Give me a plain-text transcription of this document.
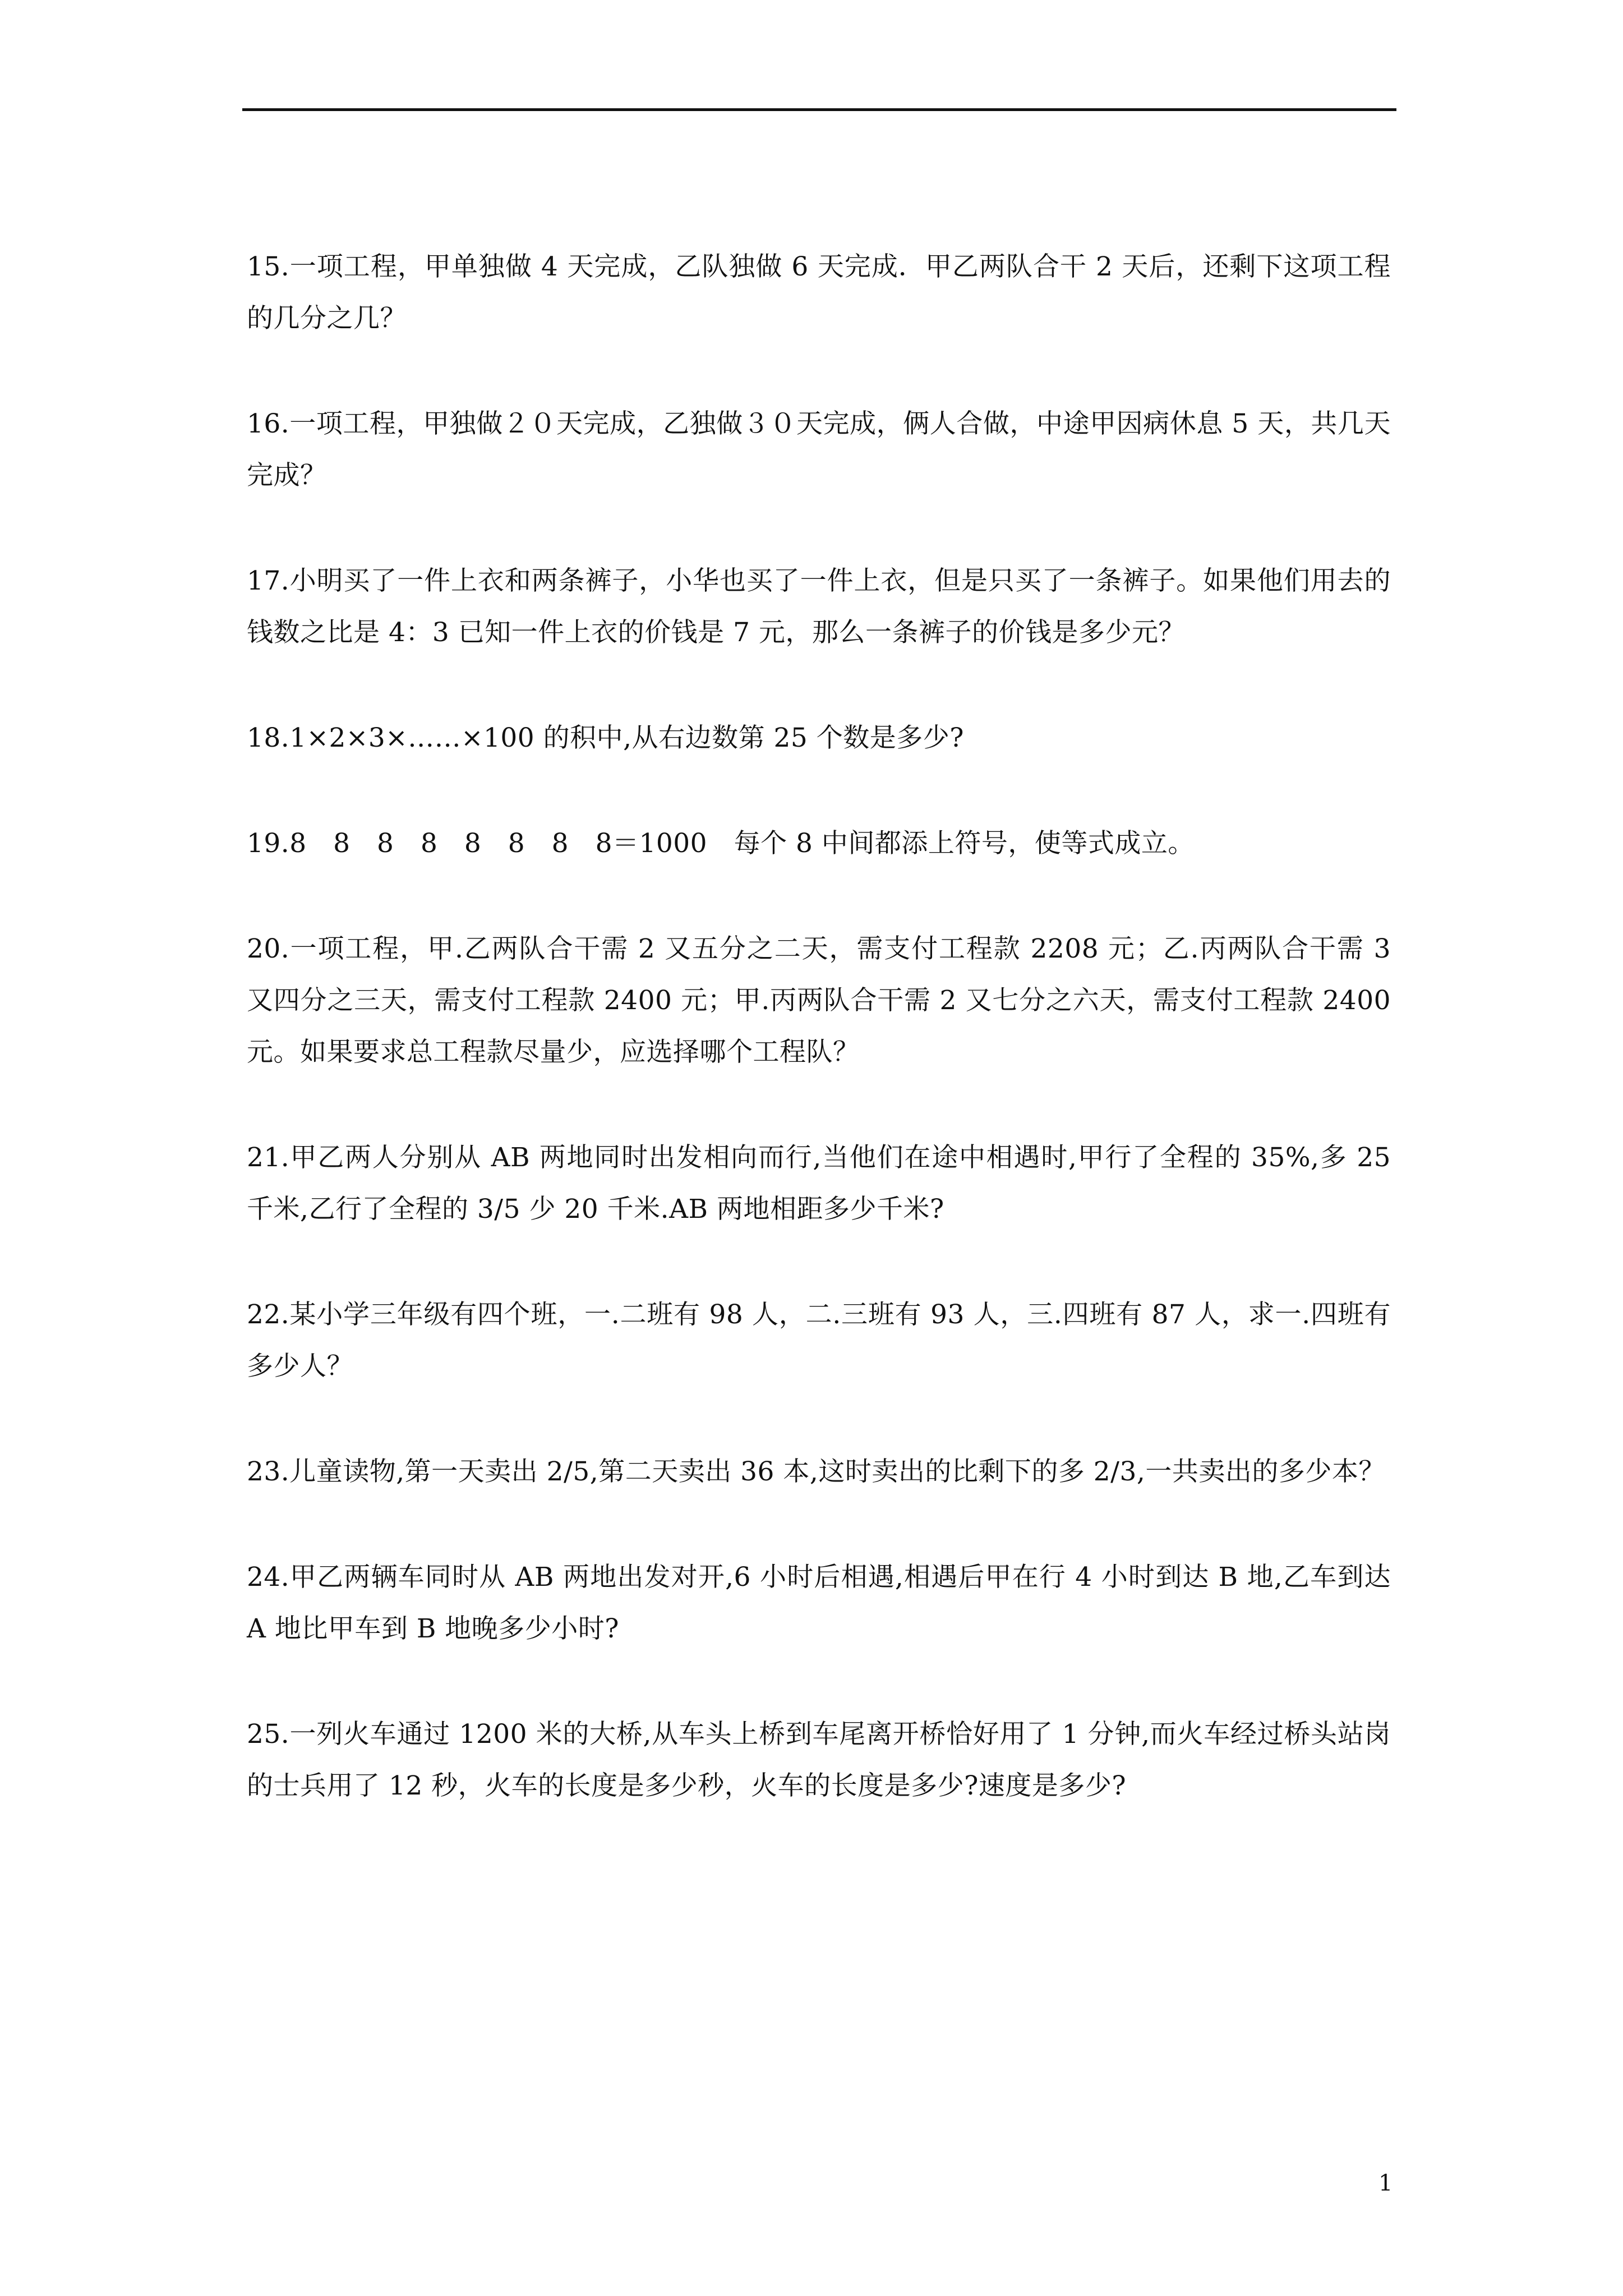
15.一项工程，甲单独做 4 天完成，乙队独做 6 天完成．甲乙两队合干 2 天后，还剩下这项工程的几分之几？
16.一项工程，甲独做２０天完成，乙独做３０天完成，俩人合做，中途甲因病休息 5 天，共几天完成？
17.小明买了一件上衣和两条裤子，小华也买了一件上衣，但是只买了一条裤子。如果他们用去的钱数之比是 4：3 已知一件上衣的价钱是 7 元，那么一条裤子的价钱是多少元？
18.1×2×3×……×100 的积中,从右边数第 25 个数是多少?
19.8　8　8　8　8　8　8　8＝1000　每个 8 中间都添上符号，使等式成立。
20.一项工程，甲.乙两队合干需 2 又五分之二天，需支付工程款 2208 元；乙.丙两队合干需 3 又四分之三天，需支付工程款 2400 元；甲.丙两队合干需 2 又七分之六天，需支付工程款 2400 元。如果要求总工程款尽量少，应选择哪个工程队？
21.甲乙两人分别从 AB 两地同时出发相向而行,当他们在途中相遇时,甲行了全程的 35%,多 25 千米,乙行了全程的 3/5 少 20 千米.AB 两地相距多少千米?
22.某小学三年级有四个班，一.二班有 98 人，二.三班有 93 人，三.四班有 87 人，求一.四班有多少人？
23.儿童读物,第一天卖出 2/5,第二天卖出 36 本,这时卖出的比剩下的多 2/3,一共卖出的多少本？
24.甲乙两辆车同时从 AB 两地出发对开,6 小时后相遇,相遇后甲在行 4 小时到达 B 地,乙车到达 A 地比甲车到 B 地晚多少小时?
25.一列火车通过 1200 米的大桥,从车头上桥到车尾离开桥恰好用了 1 分钟,而火车经过桥头站岗的士兵用了 12 秒，火车的长度是多少秒，火车的长度是多少?速度是多少?
1
